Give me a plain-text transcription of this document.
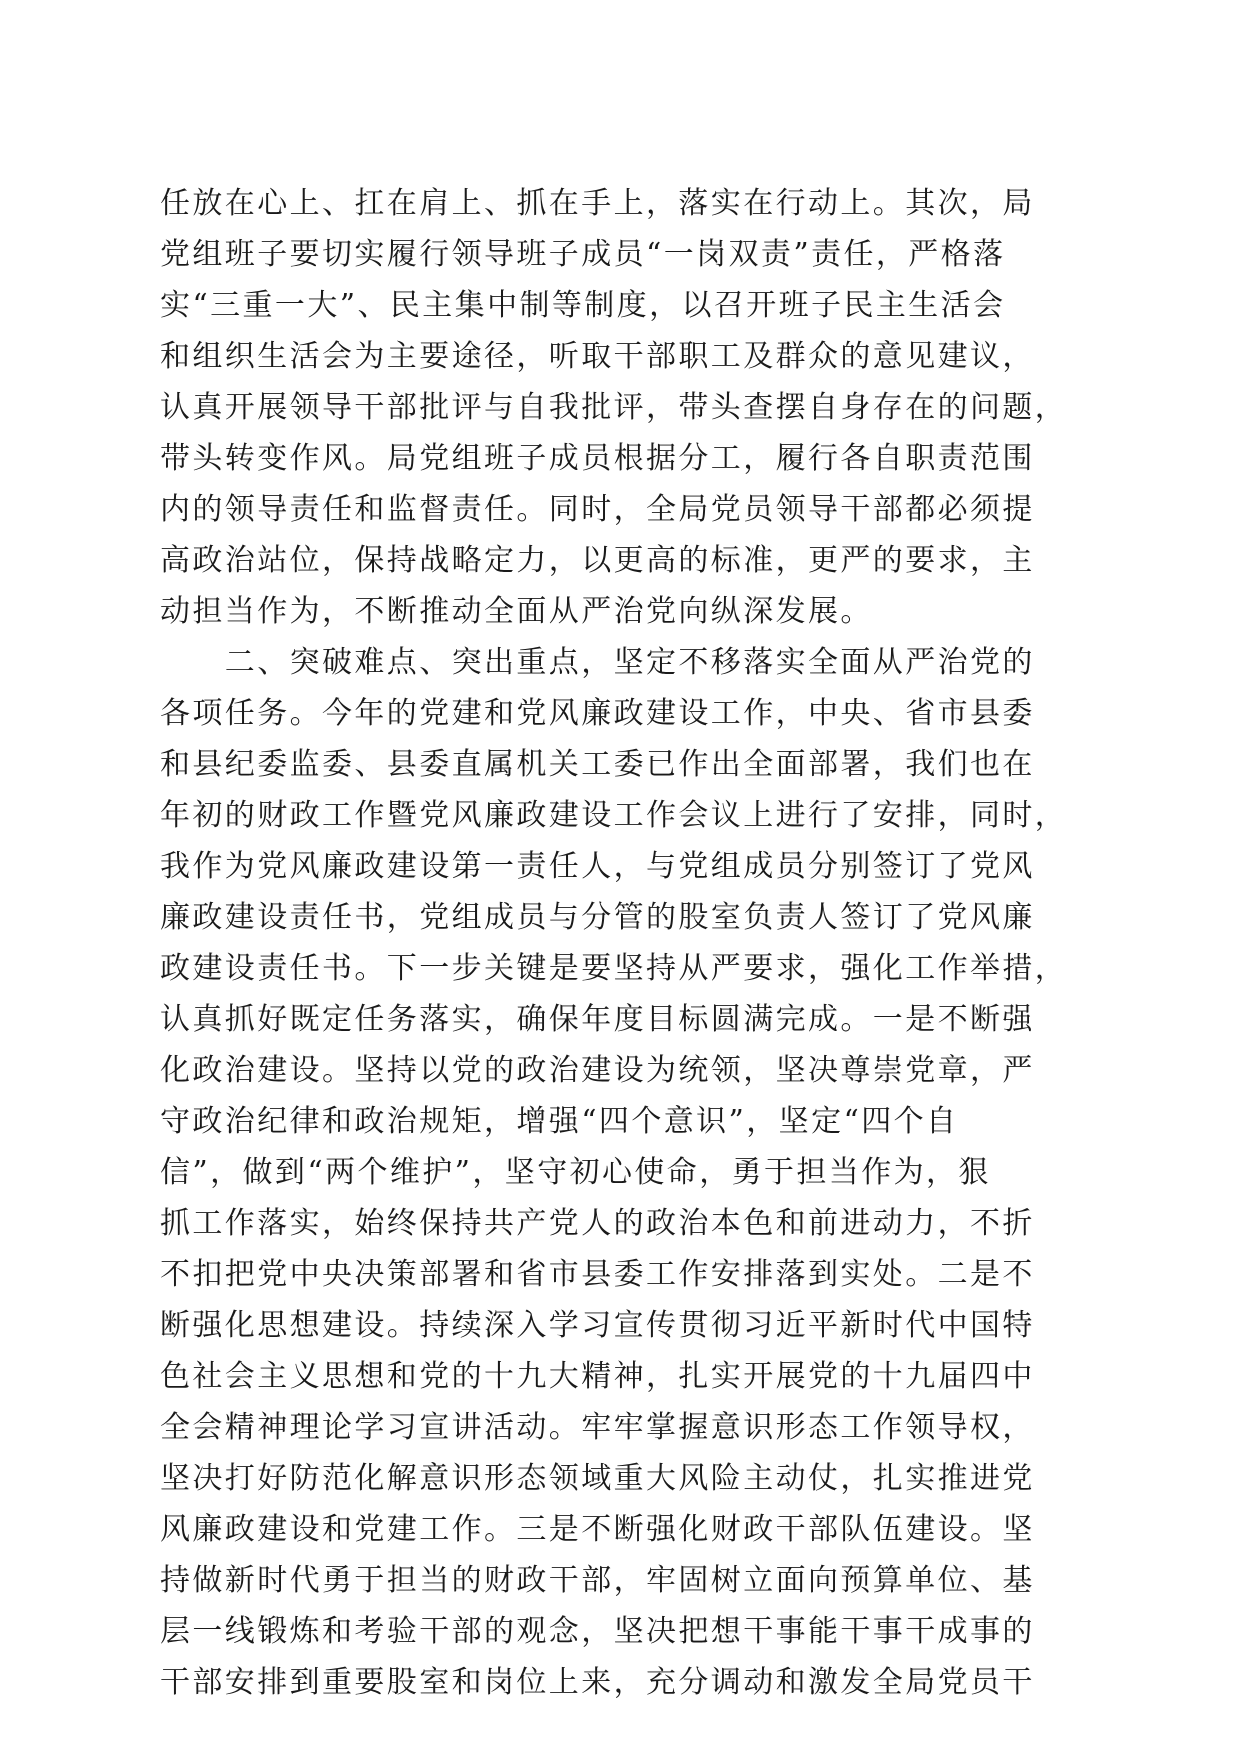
任放在心上、扛在肩上、抓在手上，落实在行动上。其次，局
党组班子要切实履行领导班子成员“一岗双责”责任，严格落
实“三重一大”、民主集中制等制度，以召开班子民主生活会
和组织生活会为主要途径，听取干部职工及群众的意见建议，
认真开展领导干部批评与自我批评，带头查摆自身存在的问题，
带头转变作风。局党组班子成员根据分工，履行各自职责范围
内的领导责任和监督责任。同时，全局党员领导干部都必须提
高政治站位，保持战略定力，以更高的标准，更严的要求，主
动担当作为，不断推动全面从严治党向纵深发展。
　　二、突破难点、突出重点，坚定不移落实全面从严治党的
各项任务。今年的党建和党风廉政建设工作，中央、省市县委
和县纪委监委、县委直属机关工委已作出全面部署，我们也在
年初的财政工作暨党风廉政建设工作会议上进行了安排，同时，
我作为党风廉政建设第一责任人，与党组成员分别签订了党风
廉政建设责任书，党组成员与分管的股室负责人签订了党风廉
政建设责任书。下一步关键是要坚持从严要求，强化工作举措，
认真抓好既定任务落实，确保年度目标圆满完成。一是不断强
化政治建设。坚持以党的政治建设为统领，坚决尊崇党章，严
守政治纪律和政治规矩，增强“四个意识”，坚定“四个自
信”，做到“两个维护”，坚守初心使命，勇于担当作为，狠
抓工作落实，始终保持共产党人的政治本色和前进动力，不折
不扣把党中央决策部署和省市县委工作安排落到实处。二是不
断强化思想建设。持续深入学习宣传贯彻习近平新时代中国特
色社会主义思想和党的十九大精神，扎实开展党的十九届四中
全会精神理论学习宣讲活动。牢牢掌握意识形态工作领导权，
坚决打好防范化解意识形态领域重大风险主动仗，扎实推进党
风廉政建设和党建工作。三是不断强化财政干部队伍建设。坚
持做新时代勇于担当的财政干部，牢固树立面向预算单位、基
层一线锻炼和考验干部的观念，坚决把想干事能干事干成事的
干部安排到重要股室和岗位上来，充分调动和激发全局党员干
